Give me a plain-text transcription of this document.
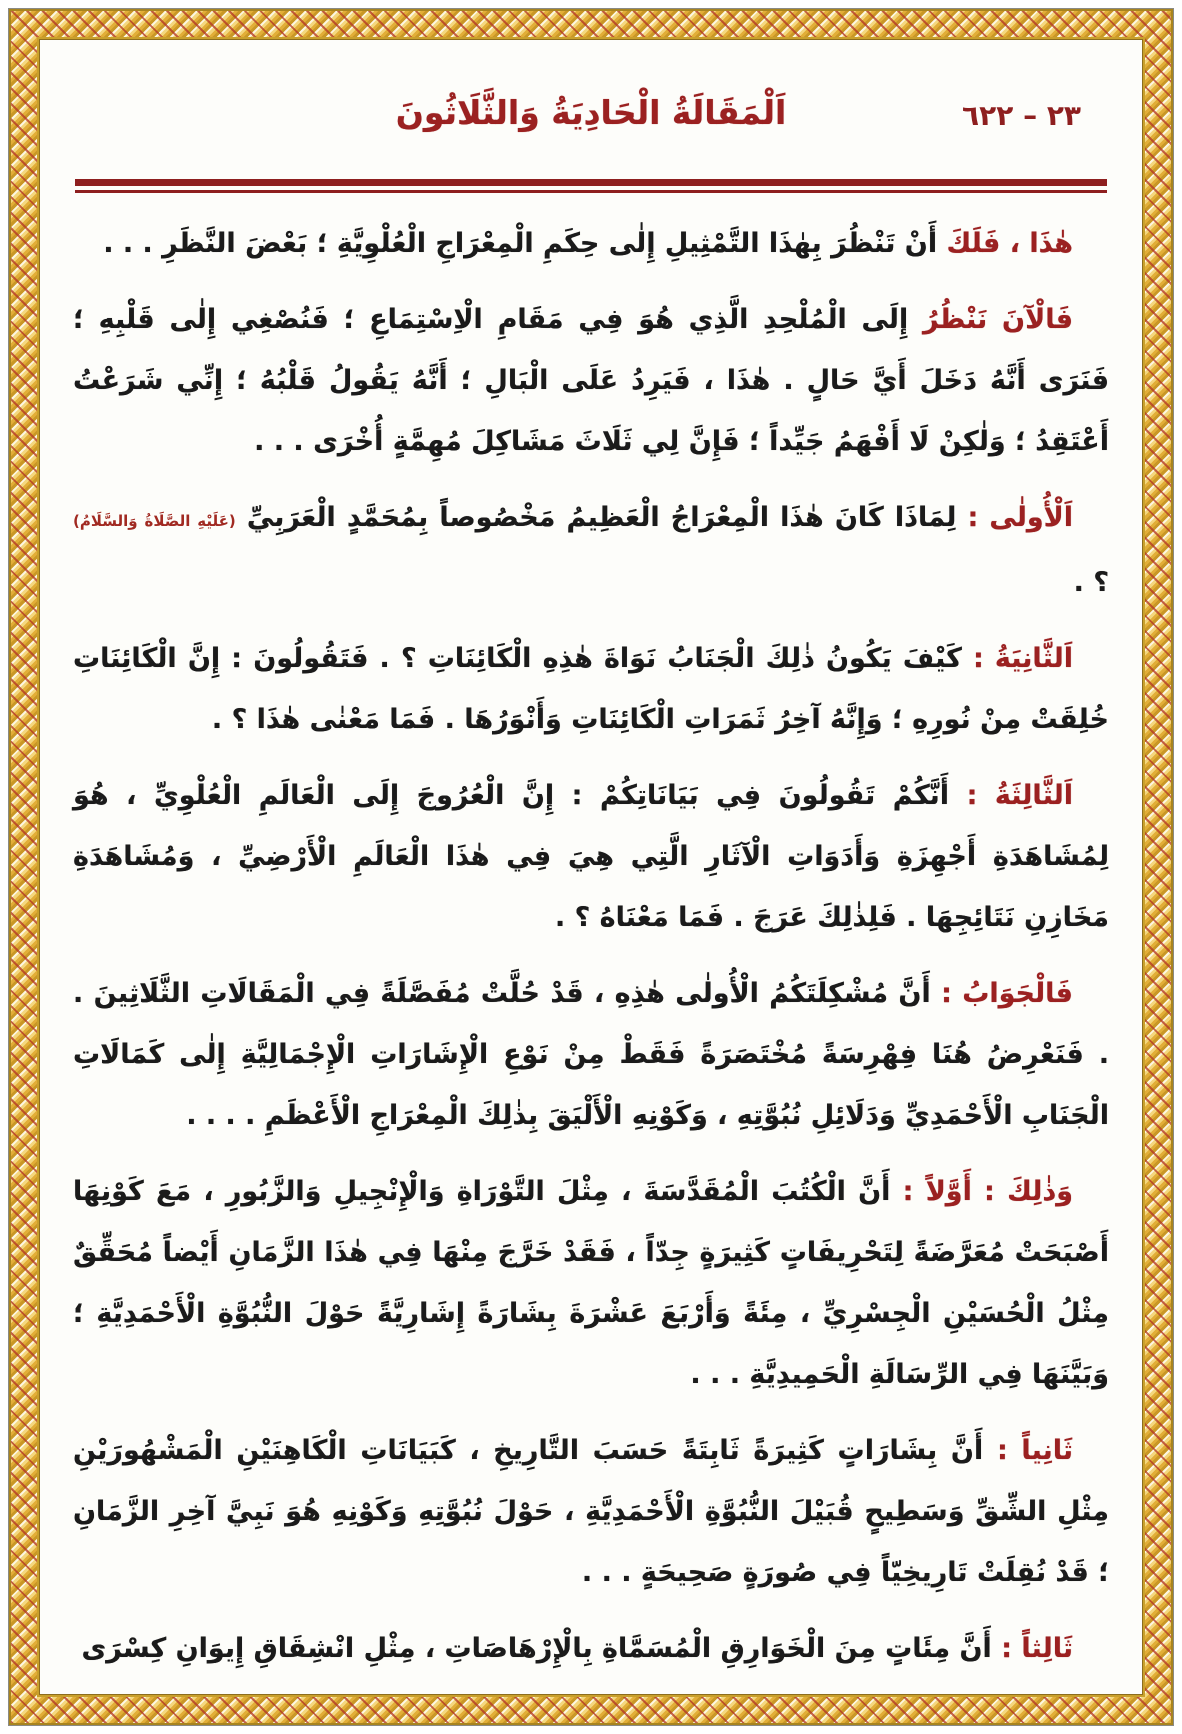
اَلْمَقَالَةُ الْحَادِيَةُ وَالثَّلَاثُونَ	٦٢٢ – ٢٣

هٰذَا ، فَلَكَ أَنْ تَنْظُرَ بِهٰذَا التَّمْثِيلِ إِلٰى حِكَمِ الْمِعْرَاجِ الْعُلْوِيَّةِ ؛ بَعْضَ النَّظَرِ . . .

فَالْآنَ نَنْظُرُ إِلَى الْمُلْحِدِ الَّذِي هُوَ فِي مَقَامِ الْاِسْتِمَاعِ ؛ فَنُصْغِي إِلٰى قَلْبِهِ ؛ فَنَرَى أَنَّهُ دَخَلَ أَيَّ حَالٍ . هٰذَا ، فَيَرِدُ عَلَى الْبَالِ ؛ أَنَّهُ يَقُولُ قَلْبُهُ ؛ إِنِّي شَرَعْتُ أَعْتَقِدُ ؛ وَلٰكِنْ لَا أَفْهَمُ جَيِّداً ؛ فَإِنَّ لِي ثَلَاثَ مَشَاكِلَ مُهِمَّةٍ أُخْرَى . . .

اَلْأُولٰى : لِمَاذَا كَانَ هٰذَا الْمِعْرَاجُ الْعَظِيمُ مَخْصُوصاً بِمُحَمَّدٍ الْعَرَبِيِّ (عَلَيْهِ الصَّلَاةُ وَالسَّلَامُ) ؟ .

اَلثَّانِيَةُ : كَيْفَ يَكُونُ ذٰلِكَ الْجَنَابُ نَوَاةَ هٰذِهِ الْكَائِنَاتِ ؟ . فَتَقُولُونَ : إِنَّ الْكَائِنَاتِ خُلِقَتْ مِنْ نُورِهِ ؛ وَإِنَّهُ آخِرُ ثَمَرَاتِ الْكَائِنَاتِ وَأَنْوَرُهَا . فَمَا مَعْنٰى هٰذَا ؟ .

اَلثَّالِثَةُ : أَنَّكُمْ تَقُولُونَ فِي بَيَانَاتِكُمْ : إِنَّ الْعُرُوجَ إِلَى الْعَالَمِ الْعُلْوِيِّ ، هُوَ لِمُشَاهَدَةِ أَجْهِزَةِ وَأَدَوَاتِ الْآثَارِ الَّتِي هِيَ فِي هٰذَا الْعَالَمِ الْأَرْضِيِّ ، وَمُشَاهَدَةِ مَخَازِنِ نَتَائِجِهَا . فَلِذٰلِكَ عَرَجَ . فَمَا مَعْنَاهُ ؟ .

فَالْجَوَابُ : أَنَّ مُشْكِلَتَكُمُ الْأُولٰى هٰذِهِ ، قَدْ حُلَّتْ مُفَصَّلَةً فِي الْمَقَالَاتِ الثَّلَاثِينَ . . فَنَعْرِضُ هُنَا فِهْرِسَةً مُخْتَصَرَةً فَقَطْ مِنْ نَوْعِ الْإِشَارَاتِ الْإِجْمَالِيَّةِ إِلٰى كَمَالَاتِ الْجَنَابِ الْأَحْمَدِيِّ وَدَلَائِلِ نُبُوَّتِهِ ، وَكَوْنِهِ الْأَلْيَقَ بِذٰلِكَ الْمِعْرَاجِ الْأَعْظَمِ . . . .

وَذٰلِكَ : أَوَّلاً : أَنَّ الْكُتُبَ الْمُقَدَّسَةَ ، مِثْلَ التَّوْرَاةِ وَالْإِنْجِيلِ وَالزَّبُورِ ، مَعَ كَوْنِهَا أَصْبَحَتْ مُعَرَّضَةً لِتَحْرِيفَاتٍ كَثِيرَةٍ جِدّاً ، فَقَدْ خَرَّجَ مِنْهَا فِي هٰذَا الزَّمَانِ أَيْضاً مُحَقِّقٌ مِثْلُ الْحُسَيْنِ الْجِسْرِيِّ ، مِئَةً وَأَرْبَعَ عَشْرَةَ بِشَارَةً إِشَارِيَّةً حَوْلَ النُّبُوَّةِ الْأَحْمَدِيَّةِ ؛ وَبَيَّنَهَا فِي الرِّسَالَةِ الْحَمِيدِيَّةِ . . .

ثَانِياً : أَنَّ بِشَارَاتٍ كَثِيرَةً ثَابِتَةً حَسَبَ التَّارِيخِ ، كَبَيَانَاتِ الْكَاهِنَيْنِ الْمَشْهُورَيْنِ مِثْلِ الشِّقِّ وَسَطِيحٍ قُبَيْلَ النُّبُوَّةِ الْأَحْمَدِيَّةِ ، حَوْلَ نُبُوَّتِهِ وَكَوْنِهِ هُوَ نَبِيَّ آخِرِ الزَّمَانِ ؛ قَدْ نُقِلَتْ تَارِيخِيّاً فِي صُورَةٍ صَحِيحَةٍ . . .

ثَالِثاً : أَنَّ مِئَاتٍ مِنَ الْخَوَارِقِ الْمُسَمَّاةِ بِالْإِرْهَاصَاتِ ، مِثْلِ انْشِقَاقِ إِيوَانِ كِسْرَى
